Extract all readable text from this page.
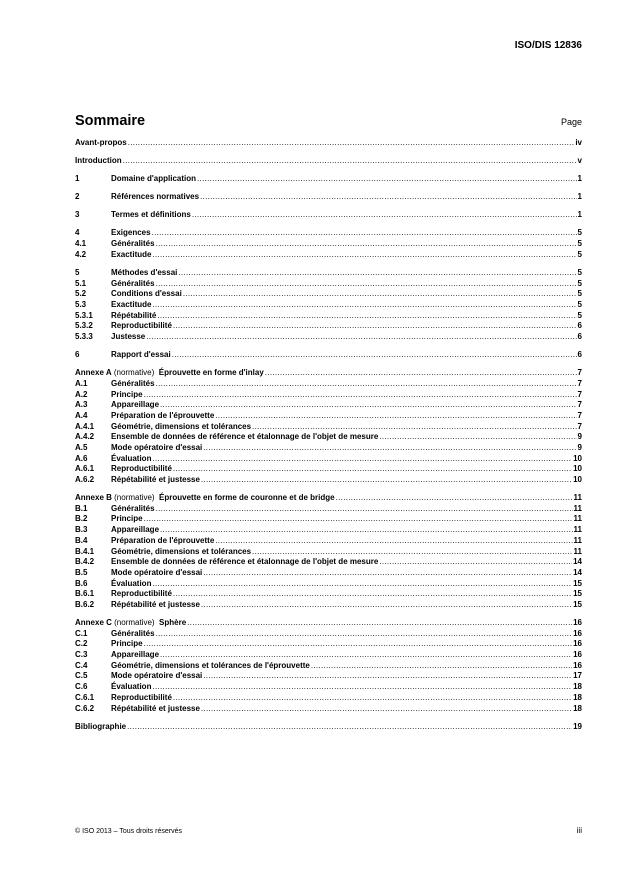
ISO/DIS 12836
Sommaire	Page
Avant-propos .....	iv
Introduction .....	v
1	Domaine d'application .....	1
2	Références normatives .....	1
3	Termes et définitions .....	1
4	Exigences .....	5
4.1	Généralités .....	5
4.2	Exactitude .....	5
5	Méthodes d'essai .....	5
5.1	Généralités .....	5
5.2	Conditions d'essai .....	5
5.3	Exactitude .....	5
5.3.1	Répétabilité .....	5
5.3.2	Reproductibilité .....	6
5.3.3	Justesse .....	6
6	Rapport d'essai .....	6
Annexe A (normative)  Éprouvette en forme d'inlay .....	7
A.1	Généralités .....	7
A.2	Principe .....	7
A.3	Appareillage .....	7
A.4	Préparation de l'éprouvette .....	7
A.4.1	Géométrie, dimensions et tolérances .....	7
A.4.2	Ensemble de données de référence et étalonnage de l'objet de mesure .....	9
A.5	Mode opératoire d'essai .....	9
A.6	Évaluation .....	10
A.6.1	Reproductibilité .....	10
A.6.2	Répétabilité et justesse .....	10
Annexe B (normative)  Éprouvette en forme de couronne et de bridge .....	11
B.1	Généralités .....	11
B.2	Principe .....	11
B.3	Appareillage .....	11
B.4	Préparation de l'éprouvette .....	11
B.4.1	Géométrie, dimensions et tolérances .....	11
B.4.2	Ensemble de données de référence et étalonnage de l'objet de mesure .....	14
B.5	Mode opératoire d'essai .....	14
B.6	Évaluation .....	15
B.6.1	Reproductibilité .....	15
B.6.2	Répétabilité et justesse .....	15
Annexe C (normative)  Sphère .....	16
C.1	Généralités .....	16
C.2	Principe .....	16
C.3	Appareillage .....	16
C.4	Géométrie, dimensions et tolérances de l'éprouvette .....	16
C.5	Mode opératoire d'essai .....	17
C.6	Évaluation .....	18
C.6.1	Reproductibilité .....	18
C.6.2	Répétabilité et justesse .....	18
Bibliographie .....	19
© ISO 2013 – Tous droits réservés	iii
